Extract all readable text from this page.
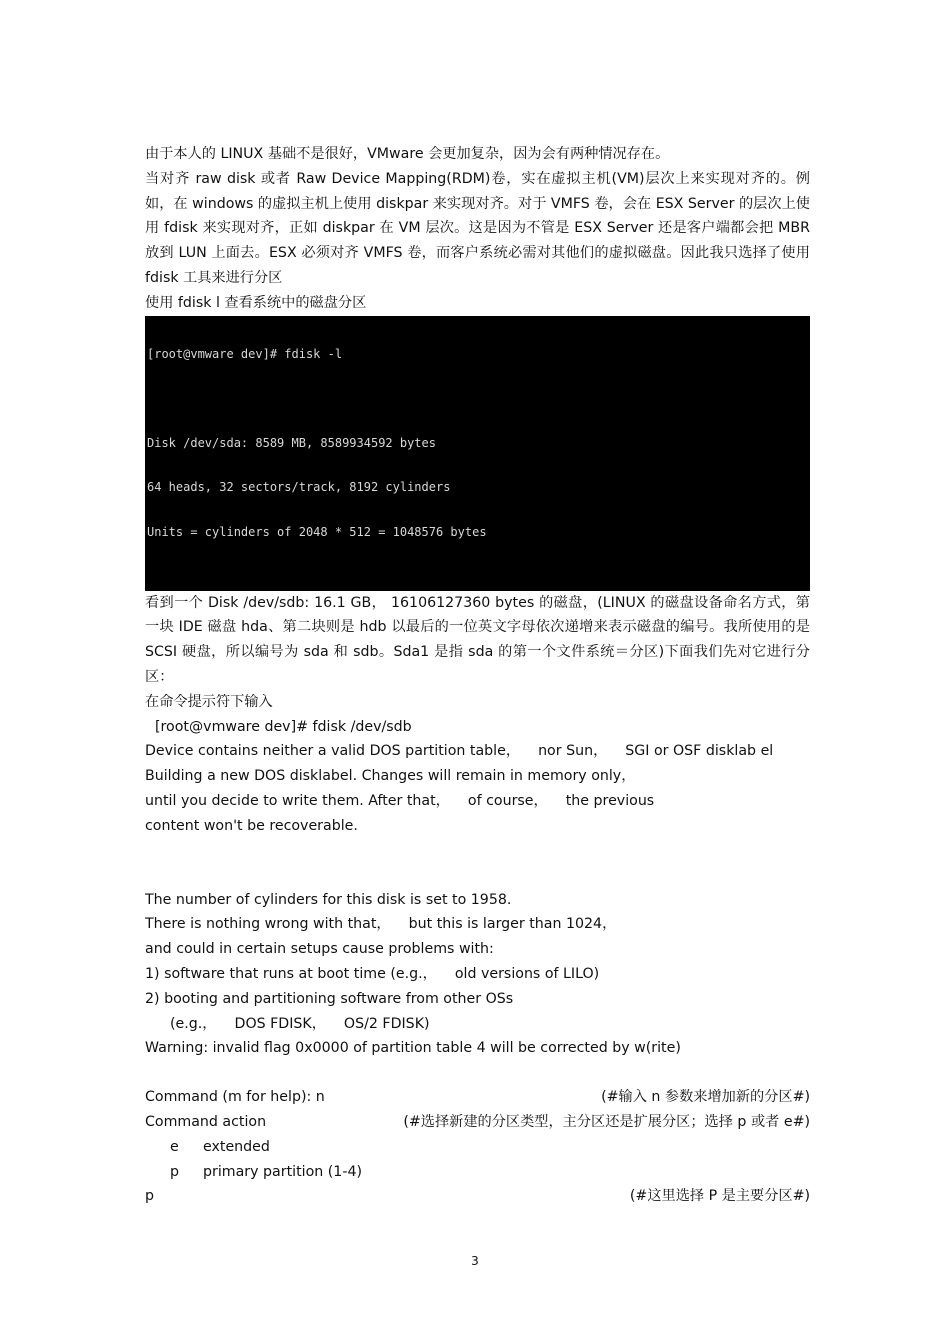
由于本人的 LINUX 基础不是很好，VMware 会更加复杂，因为会有两种情况存在。

当对齐 raw disk 或者 Raw Device Mapping(RDM)卷，实在虚拟主机(VM)层次上来实现对齐的。例如，在 windows 的虚拟主机上使用 diskpar 来实现对齐。对于 VMFS 卷，会在 ESX Server 的层次上使用 fdisk 来实现对齐，正如 diskpar 在 VM 层次。这是因为不管是 ESX Server 还是客户端都会把 MBR 放到 LUN 上面去。ESX 必须对齐 VMFS 卷，而客户系统必需对其他们的虚拟磁盘。因此我只选择了使用 fdisk 工具来进行分区

使用 fdisk l 查看系统中的磁盘分区

[root@vmware dev]# fdisk -l

Disk /dev/sda: 8589 MB, 8589934592 bytes

64 heads, 32 sectors/track, 8192 cylinders

Units = cylinders of 2048 * 512 = 1048576 bytes

看到一个 Disk /dev/sdb: 16.1 GB， 16106127360 bytes 的磁盘，(LINUX 的磁盘设备命名方式，第一块 IDE 磁盘 hda、第二块则是 hdb 以最后的一位英文字母依次递增来表示磁盘的编号。我所使用的是 SCSI 硬盘，所以编号为 sda 和 sdb。Sda1 是指 sda 的第一个文件系统＝分区)下面我们先对它进行分区：

在命令提示符下输入

[root@vmware dev]# fdisk /dev/sdb

Device contains neither a valid DOS partition table，    nor Sun，    SGI or OSF disklab el

Building a new DOS disklabel. Changes will remain in memory only，

until you decide to write them. After that，    of course，    the previous

content won't be recoverable.

The number of cylinders for this disk is set to 1958.

There is nothing wrong with that，    but this is larger than 1024，

and could in certain setups cause problems with:

1) software that runs at boot time (e.g.，    old versions of LILO)

2) booting and partitioning software from other OSs

(e.g.，    DOS FDISK，    OS/2 FDISK)

Warning: invalid flag 0x0000 of partition table 4 will be corrected by w(rite)

Command (m for help): n	(#输入 n 参数来增加新的分区#)
Command action	(#选择新建的分区类型，主分区还是扩展分区；选择 p 或者 e#)
e	extended
p	primary partition (1-4)
p	(#这里选择 P 是主要分区#)
3
